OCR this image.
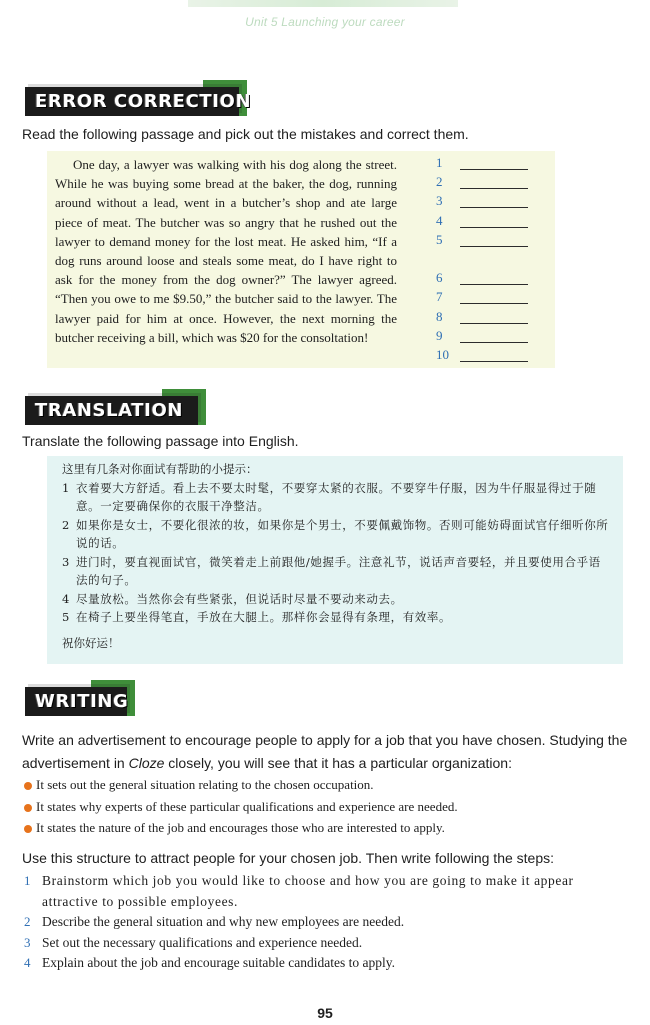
Unit 5 Launching your career
ERROR CORRECTION
Read the following passage and pick out the mistakes and correct them.

One day, a lawyer was walking with his dog along the street. While he was buying some bread at the baker, the dog, running around without a lead, went in a butcher’s shop and ate large piece of meat. The butcher was so angry that he rushed out the lawyer to demand money for the lost meat. He asked him, “If a dog runs around loose and steals some meat, do I have right to ask for the money from the dog owner?” The lawyer agreed. “Then you owe to me $9.50,” the butcher said to the lawyer. The lawyer paid for him at once. However, the next morning the butcher receiving a bill, which was $20 for the consoltation!

1
2
3
4
5
6
7
8
9
10
TRANSLATION
Translate the following passage into English.

这里有几条对你面试有帮助的小提示：

1 衣着要大方舒适。看上去不要太时髦，不要穿太紧的衣服。不要穿牛仔服，因为牛仔服显得过于随意。一定要确保你的衣服干净整洁。

2 如果你是女士，不要化很浓的妆，如果你是个男士，不要佩戴饰物。否则可能妨碍面试官仔细听你所说的话。

3 进门时，要直视面试官，微笑着走上前跟他/她握手。注意礼节，说话声音要轻，并且要使用合乎语法的句子。

4 尽量放松。当然你会有些紧张，但说话时尽量不要动来动去。

5 在椅子上要坐得笔直，手放在大腿上。那样你会显得有条理，有效率。

祝你好运！

WRITING
Write an advertisement to encourage people to apply for a job that you have chosen. Studying the advertisement in Cloze closely, you will see that it has a particular organization:
It sets out the general situation relating to the chosen occupation.
It states why experts of these particular qualifications and experience are needed.
It states the nature of the job and encourages those who are interested to apply.
Use this structure to attract people for your chosen job. Then write following the steps:
1 Brainstorm which job you would like to choose and how you are going to make it appear attractive to possible employees.
2 Describe the general situation and why new employees are needed.
3 Set out the necessary qualifications and experience needed.
4 Explain about the job and encourage suitable candidates to apply.
95
